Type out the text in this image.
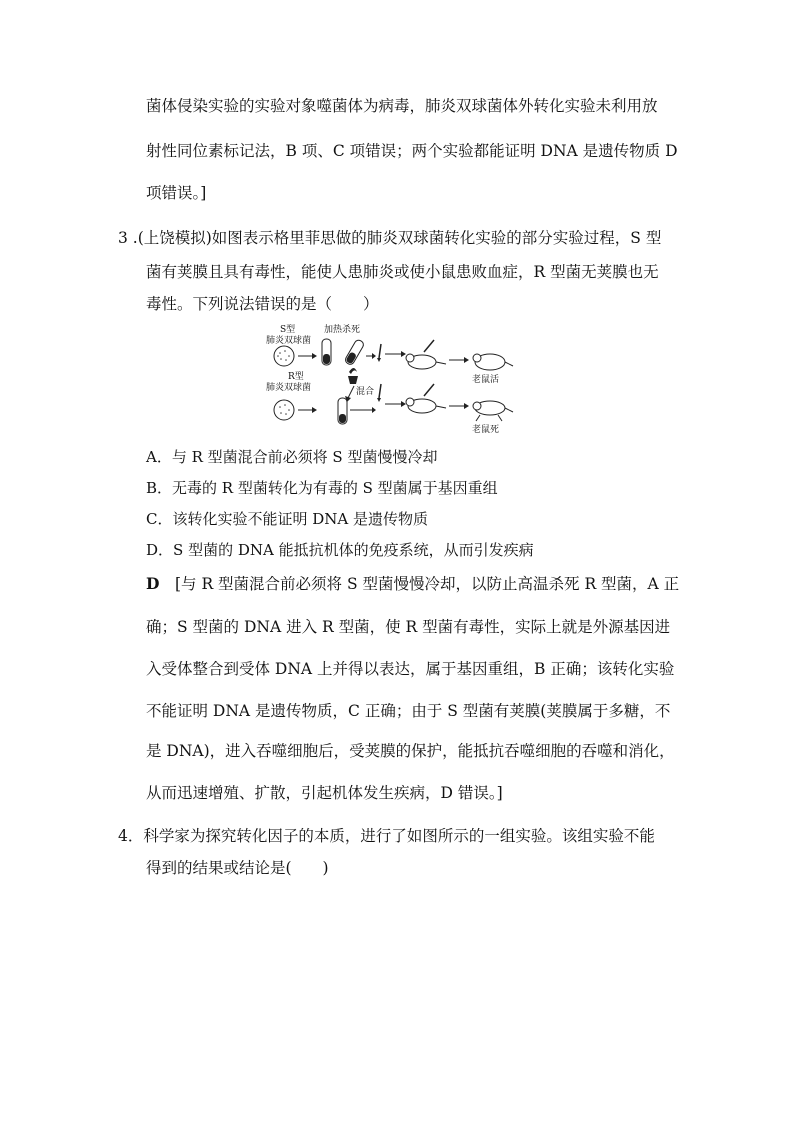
菌体侵染实验的实验对象噬菌体为病毒，肺炎双球菌体外转化实验未利用放
射性同位素标记法，B 项、C 项错误；两个实验都能证明 DNA 是遗传物质 D
项错误。]
3 .(上饶模拟)如图表示格里菲思做的肺炎双球菌转化实验的部分实验过程，S 型
菌有荚膜且具有毒性，能使人患肺炎或使小鼠患败血症，R 型菌无荚膜也无
毒性。下列说法错误的是（　　）
S型
肺炎双球菌
加热杀死
老鼠活
R型
肺炎双球菌	混合
老鼠死
A．与 R 型菌混合前必须将 S 型菌慢慢冷却
B．无毒的 R 型菌转化为有毒的 S 型菌属于基因重组
C．该转化实验不能证明 DNA 是遗传物质
D．S 型菌的 DNA 能抵抗机体的免疫系统，从而引发疾病
D　 [与 R 型菌混合前必须将 S 型菌慢慢冷却，以防止高温杀死 R 型菌，A 正
确；S 型菌的 DNA 进入 R 型菌，使 R 型菌有毒性，实际上就是外源基因进
入受体整合到受体 DNA 上并得以表达，属于基因重组，B 正确；该转化实验
不能证明 DNA 是遗传物质，C 正确；由于 S 型菌有荚膜(荚膜属于多糖，不
是 DNA)，进入吞噬细胞后，受荚膜的保护，能抵抗吞噬细胞的吞噬和消化，
从而迅速增殖、扩散，引起机体发生疾病，D 错误。]
4．科学家为探究转化因子的本质，进行了如图所示的一组实验。该组实验不能
得到的结果或结论是(　　)
